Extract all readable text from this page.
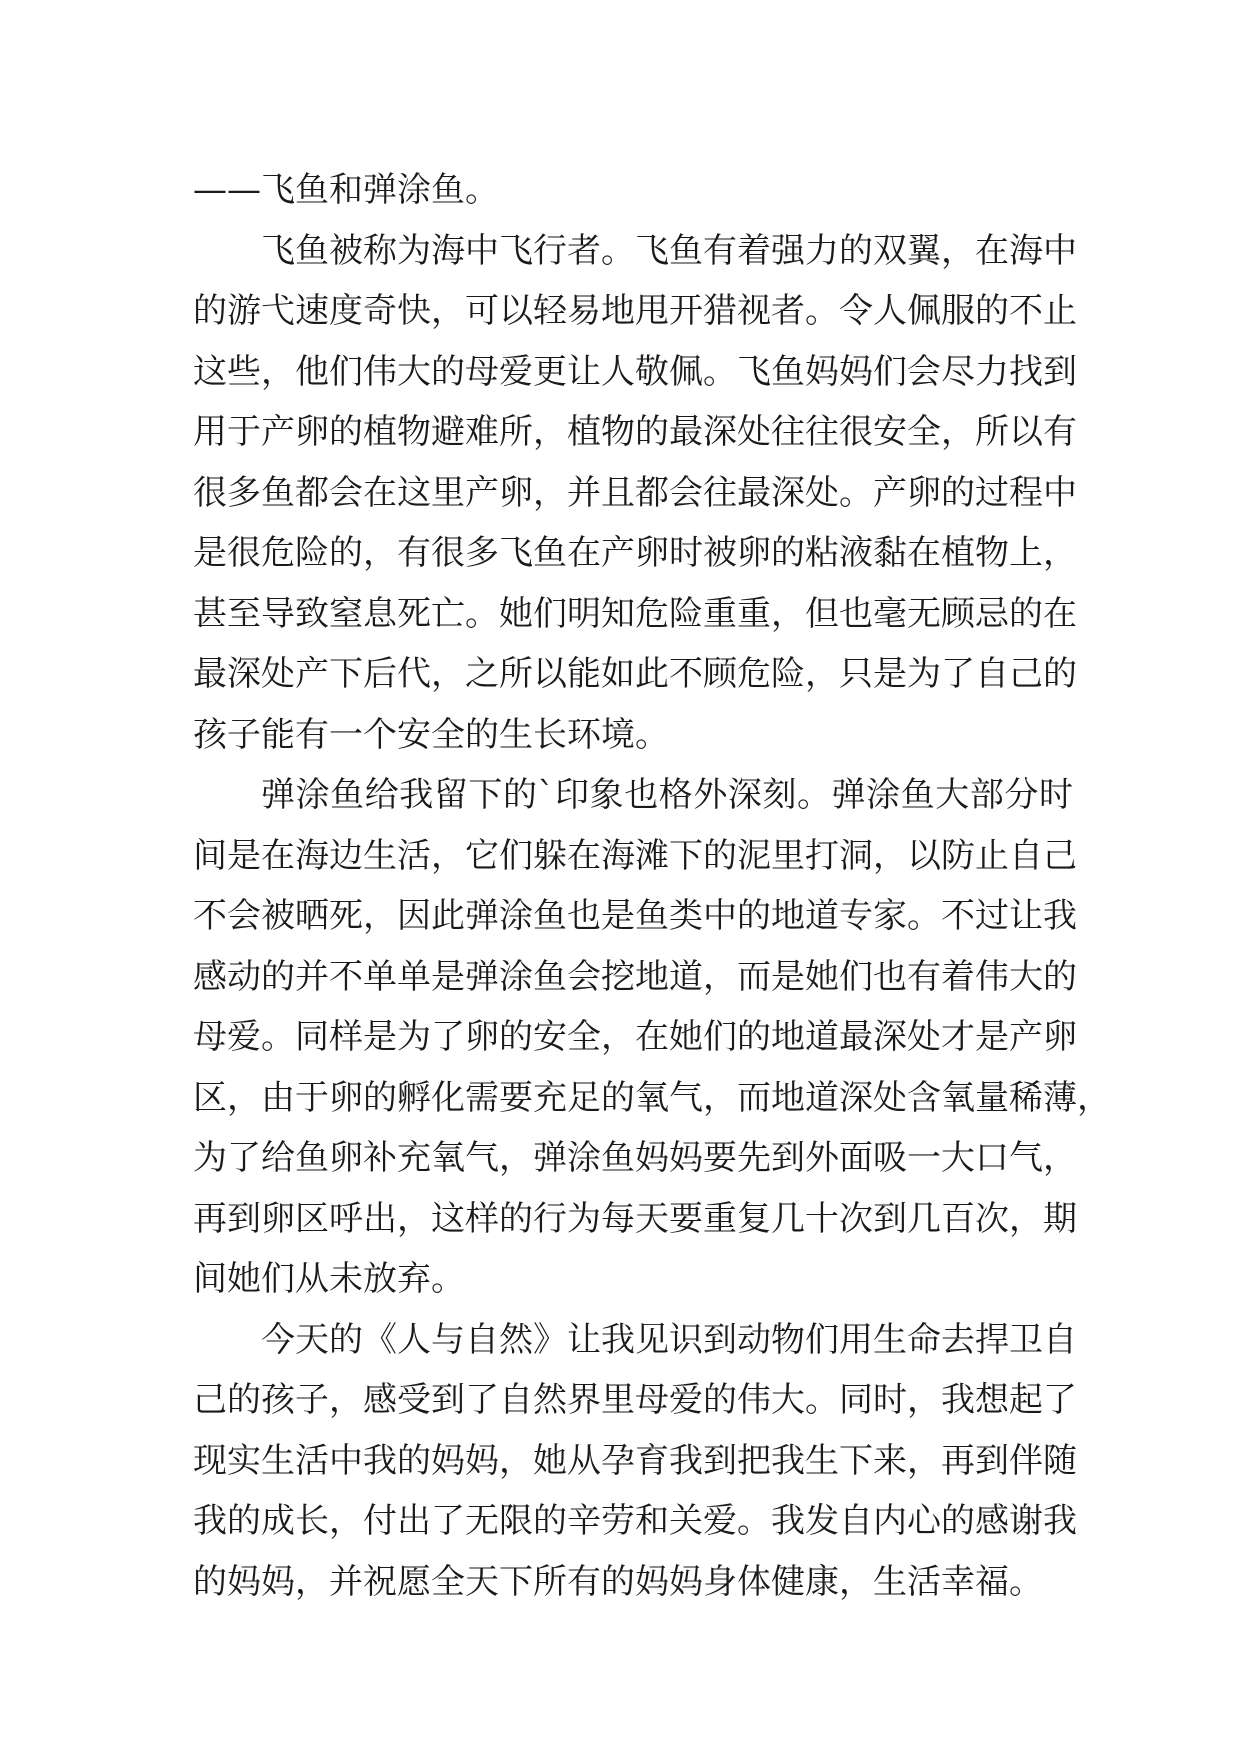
——飞鱼和弹涂鱼。
飞鱼被称为海中飞行者。飞鱼有着强力的双翼，在海中
的游弋速度奇快，可以轻易地甩开猎视者。令人佩服的不止
这些，他们伟大的母爱更让人敬佩。飞鱼妈妈们会尽力找到
用于产卵的植物避难所，植物的最深处往往很安全，所以有
很多鱼都会在这里产卵，并且都会往最深处。产卵的过程中
是很危险的，有很多飞鱼在产卵时被卵的粘液黏在植物上，
甚至导致窒息死亡。她们明知危险重重，但也毫无顾忌的在
最深处产下后代，之所以能如此不顾危险，只是为了自己的
孩子能有一个安全的生长环境。
弹涂鱼给我留下的`印象也格外深刻。弹涂鱼大部分时
间是在海边生活，它们躲在海滩下的泥里打洞，以防止自己
不会被晒死，因此弹涂鱼也是鱼类中的地道专家。不过让我
感动的并不单单是弹涂鱼会挖地道，而是她们也有着伟大的
母爱。同样是为了卵的安全，在她们的地道最深处才是产卵
区，由于卵的孵化需要充足的氧气，而地道深处含氧量稀薄，
为了给鱼卵补充氧气，弹涂鱼妈妈要先到外面吸一大口气，
再到卵区呼出，这样的行为每天要重复几十次到几百次，期
间她们从未放弃。
今天的《人与自然》让我见识到动物们用生命去捍卫自
己的孩子，感受到了自然界里母爱的伟大。同时，我想起了
现实生活中我的妈妈，她从孕育我到把我生下来，再到伴随
我的成长，付出了无限的辛劳和关爱。我发自内心的感谢我
的妈妈，并祝愿全天下所有的妈妈身体健康，生活幸福。
